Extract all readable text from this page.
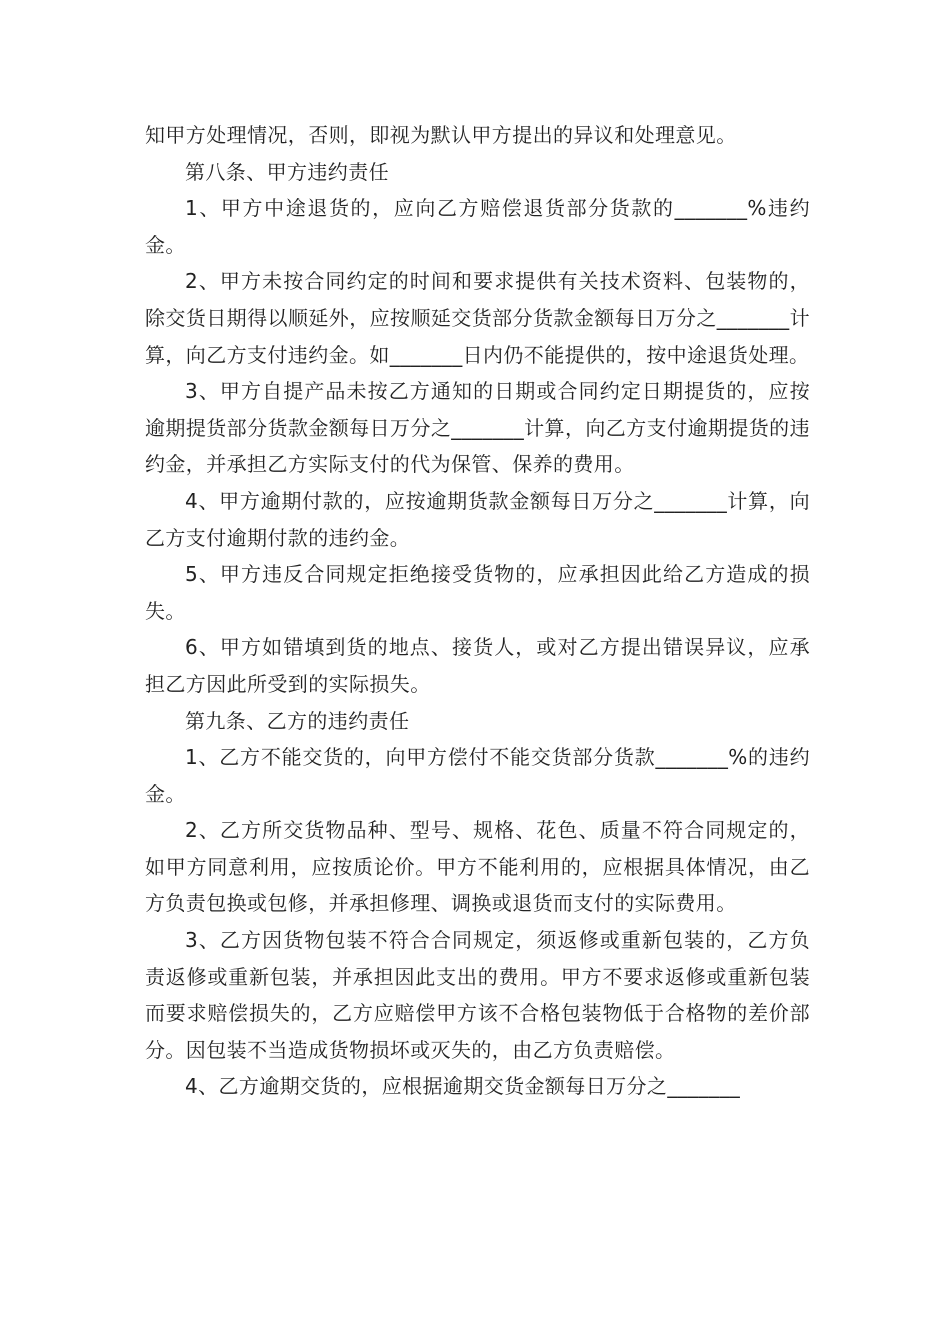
知甲方处理情况，否则，即视为默认甲方提出的异议和处理意见。

第八条、甲方违约责任

1、甲方中途退货的，应向乙方赔偿退货部分货款的_______%违约金。

2、甲方未按合同约定的时间和要求提供有关技术资料、包装物的，除交货日期得以顺延外，应按顺延交货部分货款金额每日万分之_______计算，向乙方支付违约金。如_______日内仍不能提供的，按中途退货处理。

3、甲方自提产品未按乙方通知的日期或合同约定日期提货的，应按逾期提货部分货款金额每日万分之_______计算，向乙方支付逾期提货的违约金，并承担乙方实际支付的代为保管、保养的费用。

4、甲方逾期付款的，应按逾期货款金额每日万分之_______计算，向乙方支付逾期付款的违约金。

5、甲方违反合同规定拒绝接受货物的，应承担因此给乙方造成的损失。

6、甲方如错填到货的地点、接货人，或对乙方提出错误异议，应承担乙方因此所受到的实际损失。

第九条、乙方的违约责任

1、乙方不能交货的，向甲方偿付不能交货部分货款_______%的违约金。

2、乙方所交货物品种、型号、规格、花色、质量不符合同规定的，如甲方同意利用，应按质论价。甲方不能利用的，应根据具体情况，由乙方负责包换或包修，并承担修理、调换或退货而支付的实际费用。

3、乙方因货物包装不符合合同规定，须返修或重新包装的，乙方负责返修或重新包装，并承担因此支出的费用。甲方不要求返修或重新包装而要求赔偿损失的，乙方应赔偿甲方该不合格包装物低于合格物的差价部分。因包装不当造成货物损坏或灭失的，由乙方负责赔偿。

4、乙方逾期交货的，应根据逾期交货金额每日万分之_______
